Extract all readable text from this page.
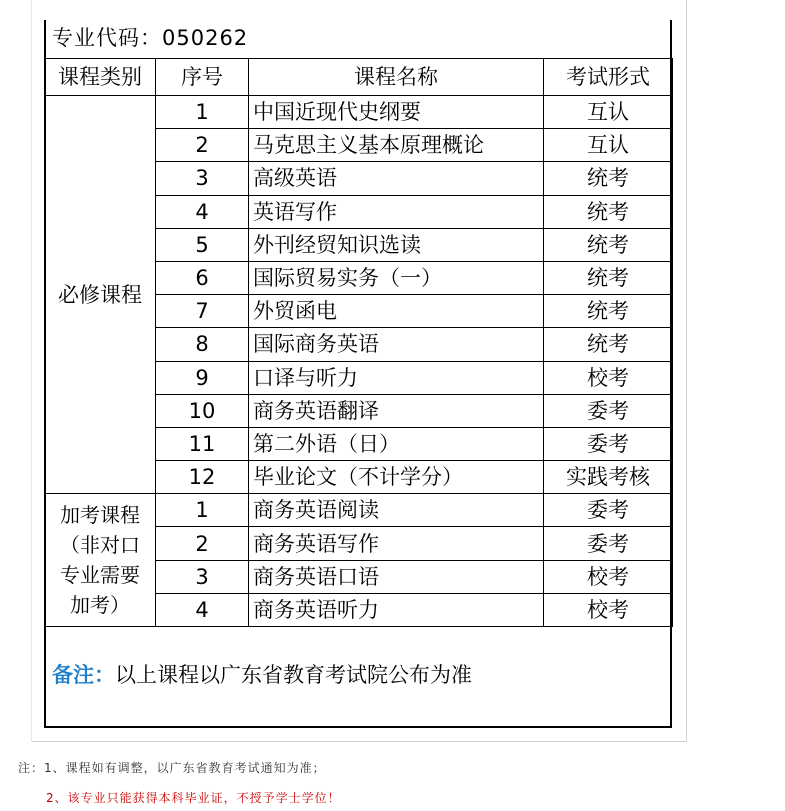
专业代码：050262
课程类别	序号	课程名称	考试形式
必修课程	1	中国近现代史纲要	互认
	2	马克思主义基本原理概论	互认
	3	高级英语	统考
	4	英语写作	统考
	5	外刊经贸知识选读	统考
	6	国际贸易实务（一）	统考
	7	外贸函电	统考
	8	国际商务英语	统考
	9	口译与听力	校考
	10	商务英语翻译	委考
	11	第二外语（日）	委考
	12	毕业论文（不计学分）	实践考核
加考课程（非对口专业需要加考）	1	商务英语阅读	委考
	2	商务英语写作	委考
	3	商务英语口语	校考
	4	商务英语听力	校考
备注：以上课程以广东省教育考试院公布为准
注：1、课程如有调整，以广东省教育考试通知为准；
2、该专业只能获得本科毕业证，不授予学士学位！
